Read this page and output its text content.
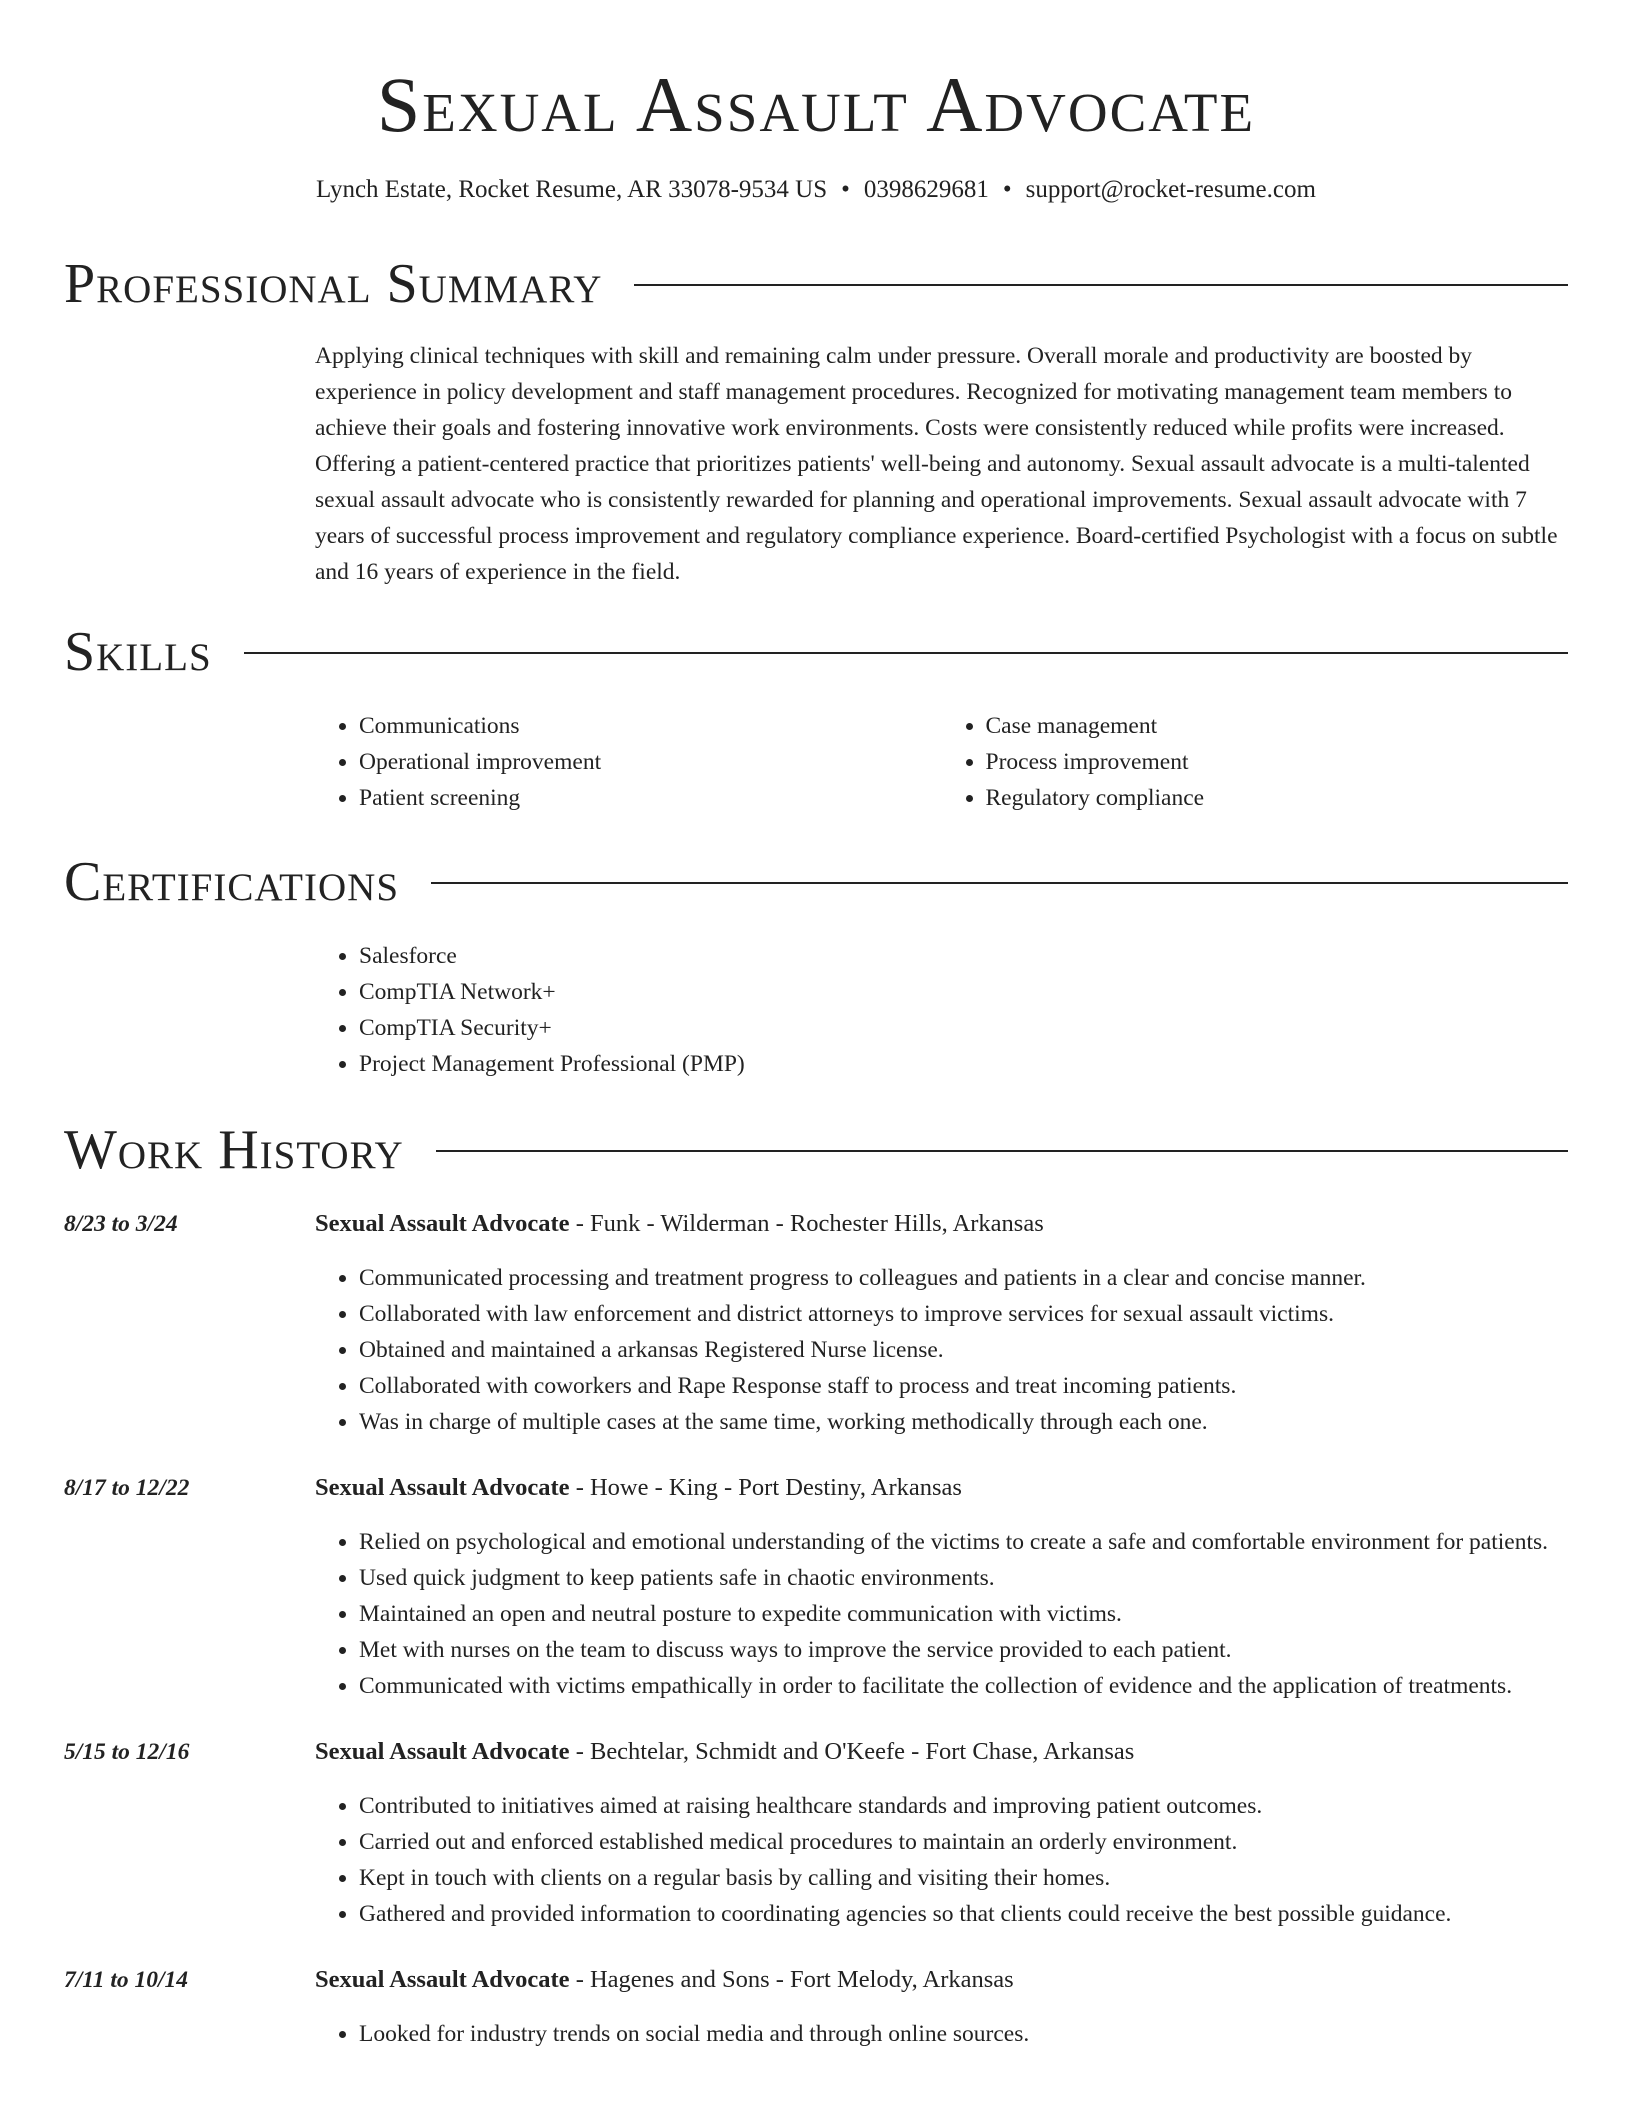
Sexual Assault Advocate
Lynch Estate, Rocket Resume, AR 33078-9534 US • 0398629681 • support@rocket-resume.com
Professional Summary
Applying clinical techniques with skill and remaining calm under pressure. Overall morale and productivity are boosted by experience in policy development and staff management procedures. Recognized for motivating management team members to achieve their goals and fostering innovative work environments. Costs were consistently reduced while profits were increased. Offering a patient-centered practice that prioritizes patients' well-being and autonomy. Sexual assault advocate is a multi-talented sexual assault advocate who is consistently rewarded for planning and operational improvements. Sexual assault advocate with 7 years of successful process improvement and regulatory compliance experience. Board-certified Psychologist with a focus on subtle and 16 years of experience in the field.
Skills
• Communications
• Operational improvement
• Patient screening
• Case management
• Process improvement
• Regulatory compliance
Certifications
• Salesforce
• CompTIA Network+
• CompTIA Security+
• Project Management Professional (PMP)
Work History
8/23 to 3/24	Sexual Assault Advocate - Funk - Wilderman - Rochester Hills, Arkansas
• Communicated processing and treatment progress to colleagues and patients in a clear and concise manner.
• Collaborated with law enforcement and district attorneys to improve services for sexual assault victims.
• Obtained and maintained a arkansas Registered Nurse license.
• Collaborated with coworkers and Rape Response staff to process and treat incoming patients.
• Was in charge of multiple cases at the same time, working methodically through each one.
8/17 to 12/22	Sexual Assault Advocate - Howe - King - Port Destiny, Arkansas
• Relied on psychological and emotional understanding of the victims to create a safe and comfortable environment for patients.
• Used quick judgment to keep patients safe in chaotic environments.
• Maintained an open and neutral posture to expedite communication with victims.
• Met with nurses on the team to discuss ways to improve the service provided to each patient.
• Communicated with victims empathically in order to facilitate the collection of evidence and the application of treatments.
5/15 to 12/16	Sexual Assault Advocate - Bechtelar, Schmidt and O'Keefe - Fort Chase, Arkansas
• Contributed to initiatives aimed at raising healthcare standards and improving patient outcomes.
• Carried out and enforced established medical procedures to maintain an orderly environment.
• Kept in touch with clients on a regular basis by calling and visiting their homes.
• Gathered and provided information to coordinating agencies so that clients could receive the best possible guidance.
7/11 to 10/14	Sexual Assault Advocate - Hagenes and Sons - Fort Melody, Arkansas
• Looked for industry trends on social media and through online sources.
